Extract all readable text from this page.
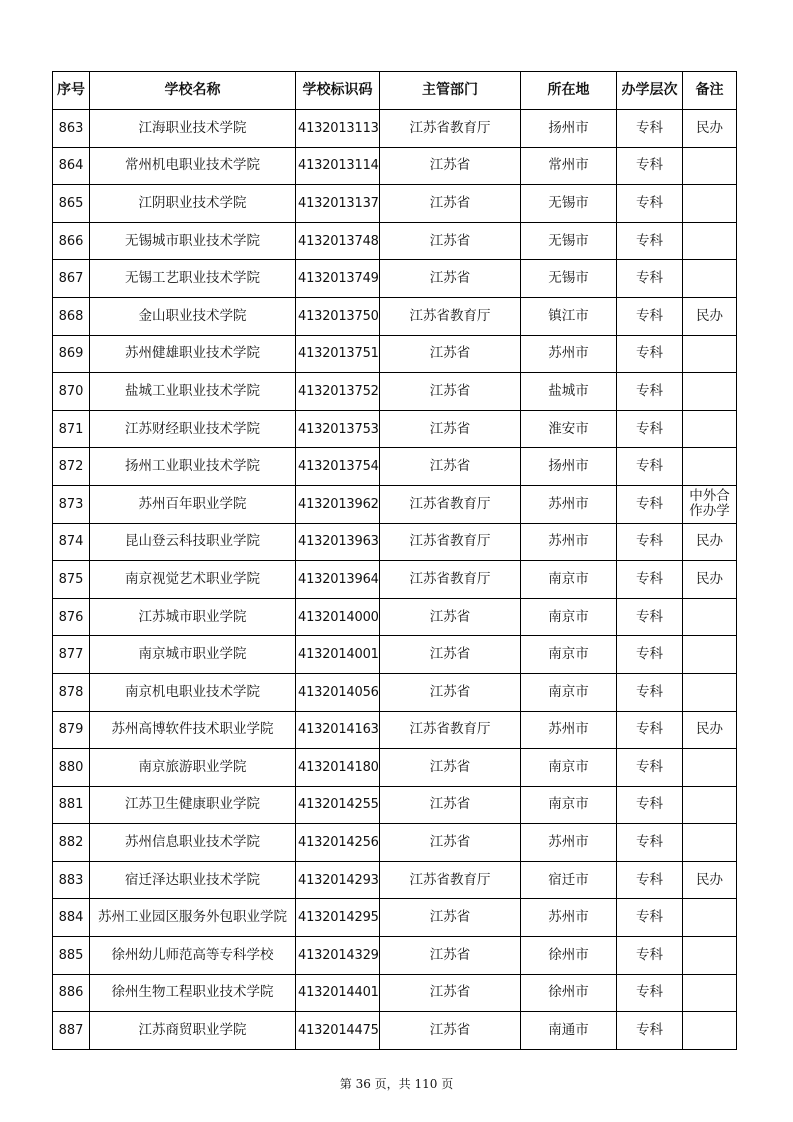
序号	学校名称	学校标识码	主管部门	所在地	办学层次	备注
863	江海职业技术学院	4132013113	江苏省教育厅	扬州市	专科	民办
864	常州机电职业技术学院	4132013114	江苏省	常州市	专科	
865	江阴职业技术学院	4132013137	江苏省	无锡市	专科	
866	无锡城市职业技术学院	4132013748	江苏省	无锡市	专科	
867	无锡工艺职业技术学院	4132013749	江苏省	无锡市	专科	
868	金山职业技术学院	4132013750	江苏省教育厅	镇江市	专科	民办
869	苏州健雄职业技术学院	4132013751	江苏省	苏州市	专科	
870	盐城工业职业技术学院	4132013752	江苏省	盐城市	专科	
871	江苏财经职业技术学院	4132013753	江苏省	淮安市	专科	
872	扬州工业职业技术学院	4132013754	江苏省	扬州市	专科	
873	苏州百年职业学院	4132013962	江苏省教育厅	苏州市	专科	中外合作办学
874	昆山登云科技职业学院	4132013963	江苏省教育厅	苏州市	专科	民办
875	南京视觉艺术职业学院	4132013964	江苏省教育厅	南京市	专科	民办
876	江苏城市职业学院	4132014000	江苏省	南京市	专科	
877	南京城市职业学院	4132014001	江苏省	南京市	专科	
878	南京机电职业技术学院	4132014056	江苏省	南京市	专科	
879	苏州高博软件技术职业学院	4132014163	江苏省教育厅	苏州市	专科	民办
880	南京旅游职业学院	4132014180	江苏省	南京市	专科	
881	江苏卫生健康职业学院	4132014255	江苏省	南京市	专科	
882	苏州信息职业技术学院	4132014256	江苏省	苏州市	专科	
883	宿迁泽达职业技术学院	4132014293	江苏省教育厅	宿迁市	专科	民办
884	苏州工业园区服务外包职业学院	4132014295	江苏省	苏州市	专科	
885	徐州幼儿师范高等专科学校	4132014329	江苏省	徐州市	专科	
886	徐州生物工程职业技术学院	4132014401	江苏省	徐州市	专科	
887	江苏商贸职业学院	4132014475	江苏省	南通市	专科	
第 36 页，共 110 页
